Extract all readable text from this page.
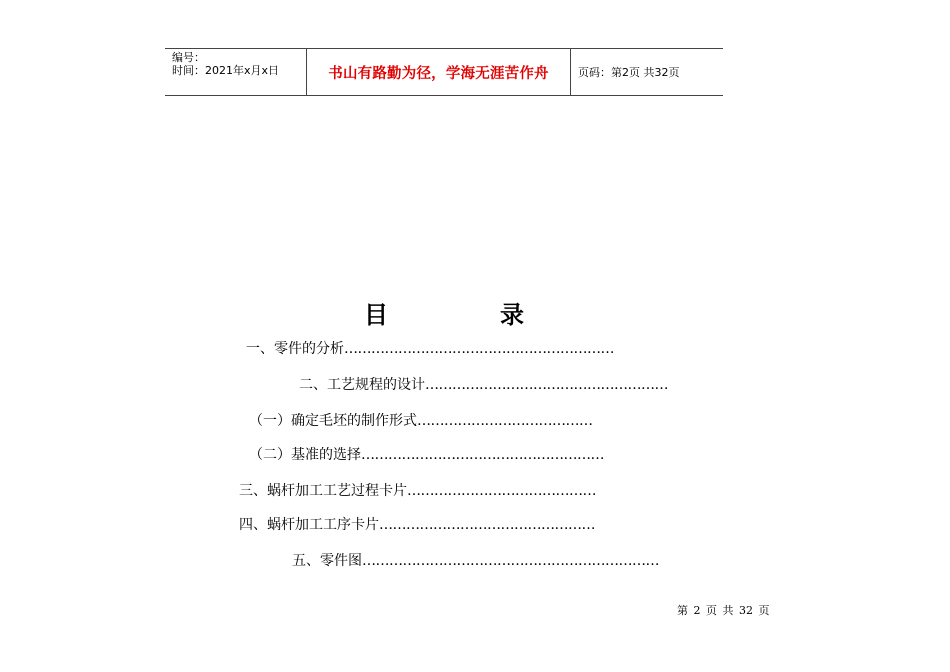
编号：
时间：2021年x月x日	书山有路勤为径，学海无涯苦作舟	页码：第2页 共32页
目	录
一、零件的分析……………………………………………………
二、工艺规程的设计………………………………………………
（一）确定毛坯的制作形式…………………………………
（二）基准的选择………………………………………………
三、蜗杆加工工艺过程卡片……………………………………
四、蜗杆加工工序卡片…………………………………………
五、零件图…………………………………………………………
第 2 页 共 32 页
